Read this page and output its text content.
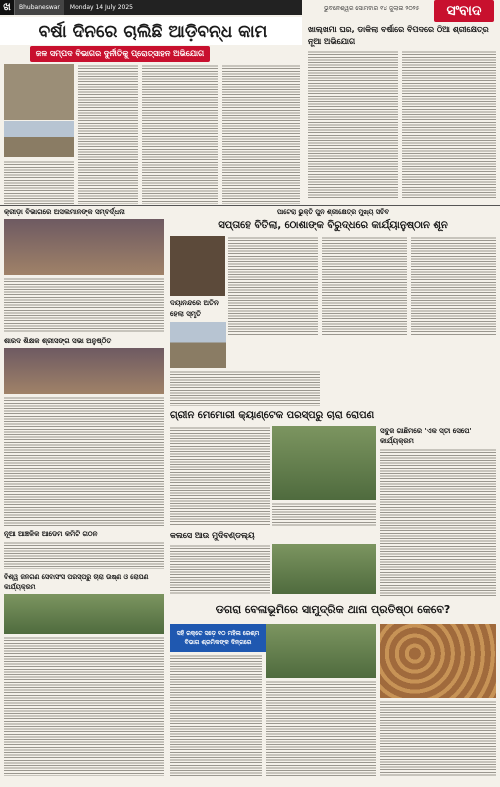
ଖ	Bhubaneswar	Monday 14 July 2025	ଭୁବନେଶ୍ୱର ସୋମବାର ୧୪ ଜୁଲାଇ ୨୦୨୫	ସଂବାଦ
ବର୍ଷା ଦିନରେ ଚାଲିଛି ଆଡ଼ିବନ୍ଧ କାମ
ଜଳ ସମ୍ପଦ ବିଭାଗର ଦୁର୍ନୀତିକୁ ପ୍ରୋତ୍ସାହନ ଅଭିଯୋଗ
ଖାଲ୍‌ଖମା ଘର, ଡାକିଲା ବର୍ଷାରେ ବିପଦରେ ଠିଆ ଶ୍ରୀକ୍ଷେତ୍ର ନୂଆ ଅଭିଯୋଗ
କ୍ରୀଡ଼ା ବିଭାଗରେ ଅସଲମାନଙ୍କ ସମ୍ବର୍ଦ୍ଧନା
ଶାରଦ ଶିକ୍ଷକ ଶ୍ରୀସଙ୍ଗ ସଭା ଅନୁଷ୍ଠିତ
ନୂଆ ଆଞ୍ଚଳିକ ଆଡେମ କମିଟି ଗଠନ
ବିଶ୍ୱ ଜନଗଣ ସେବାସଂସ ପରସ୍ପରୁ ଚାରା ଉଷ୍ଣ ଓ ରୋପଣ କାର୍ଯ୍ୟକ୍ରମ
ପାଟେରା ଭୁକ୍ତି ପୁନ ଶ୍ରୀକ୍ଷେତ୍ର ମୁଖ୍ୟ ସଚିବ
ସପ୍ତାହେ ବିତିଲା, ଠୋଶାଙ୍କ ବିରୁଦ୍ଧରେ କାର୍ଯ୍ୟାନୁଷ୍ଠାନ ଶୂନ
ଦୟାନନ୍ଦରେ ଅତିନ ହେଲା ସ୍ମୃତି
ଗ୍ରୀନ ମେମୋରୀ କ୍ୟାଣ୍ଟେକ ପରସ୍ପରୁ ଚାରା ରୋପଣ
ସବୁଜ ଗାଛିମରେ 'ଏକ ସ୍ତୀ ସେପେ' କାର୍ଯ୍ୟକ୍ରମ
କଲସେ ଆଉ ମୁଦିବଣ୍ଡଲ୍ୟ
ଡଗରା ବେଳାଭୂମିରେ ସାମୁଦ୍ରିକ ଥାନା ପ୍ରତିଷ୍ଠା କେବେ?
ସହି ରକ୍ତେ ସଡ଼େ ୧୦ ମହିଳା ରେଶ୍ମ ବିଭାଗ ଶ୍ରମିକଙ୍କ ଦିନ୍ଗରେ
